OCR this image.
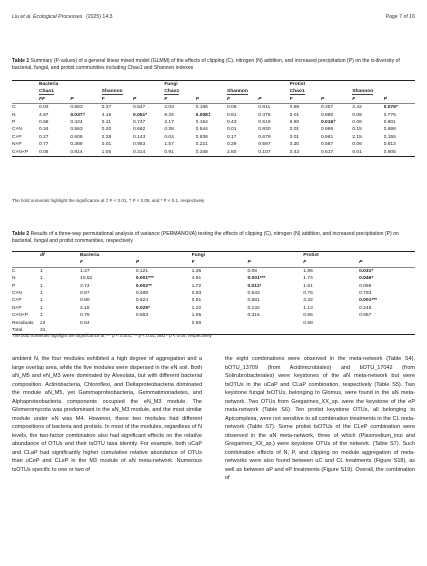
Liu et al. Ecological Processes (2025) 14:3	Page 7 of 16
Table 1 Summary (P-values) of a general linear mixed model (GLMM) of the effects of clipping (C), nitrogen (N) addition, and increased precipitation (P) on the α-diversity of bacterial, fungal, and protist communities including Chao1 and Shannon indexes
	Bacteria				Fungi				Protist			
	Chao1		Shannon		Chao1		Shannon		Chao1		Shannon	
	FF	P	F	P	F	P	F	P	F	P	F	P
C	0.03	0.863	0.37	0.547	2.03	0.166	0.06	0.811	0.88	0.357	3.42	0.076*
N	4.87	0.037†	4.18	0.051*	8.34	0.008‡	0.81	0.376	0.01	0.980	0.08	0.776
P	0.66	0.424	0.11	0.747	2.17	0.154	0.43	0.519	6.60	0.016†	0.06	0.801
C×N	0.34	0.563	0.20	0.662	0.38	0.544	0.01	0.930	0.01	0.986	0.15	0.698
C×P	0.27	0.608	2.28	0.143	0.04	0.836	0.17	0.679	0.01	0.961	2.15	0.155
N×P	0.77	0.389	0.01	0.953	1.57	0.221	0.29	0.597	0.30	0.587	0.06	0.813
C×N×P	0.06	0.814	1.05	0.314	0.91	0.348	2.80	0.107	0.43	0.517	0.01	0.905
The bold numerals highlight the significance at ‡ P < 0.01, † P < 0.05, and * P < 0.1, respectively
Table 2 Results of a three-way permutational analysis of variance (PERMANOVA) testing the effects of clipping (C), nitrogen (N) addition, and increased precipitation (P) on bacterial, fungal and protist communities, respectively
	df	Bacteria		Fungi		Protist	
		F	P	F	P	F	P
C	1	1.47	0.121	1.35	0.08	1.95	0.031*
N	1	10.52	0.001***	4.61	0.001***	1.74	0.046*
P	1	3.74	0.002**	1.72	0.011*	1.61	0.055
C×N	1	0.87	0.488	0.93	0.543	0.76	0.793
C×P	1	0.80	0.624	0.91	0.581	3.32	0.001***
N×P	1	2.16	0.025*	1.22	0.132	1.13	0.245
C×N×P	1	0.76	0.663	1.05	0.315	0.65	0.967
Residuals	24	0.54		0.66		0.68	
Total	31						
The bold numerals highlight the significance at *** p < 0.001, ** p < 0.01, and * p < 0.05, respectively
ambient N, the four modules exhibited a high degree of aggregation and a large overlap area, while the five modules were dispersed in the eN soil. Both aN_M5 and eN_M3 were dominated by Alveolata, but with different bacterial composition. Actinobacteria, Chloroflexi, and Deltaproteobacteria dominated the module aN_M5, yet Gammaproteobacteria, Gemmatimonadetes, and Alphaproteobacteria components occupied the eN_M3 module. The Glomeromycota was predominant in the aN_M3 module, and the most similar module under eN was M4. However, these two modules had different compositions of bacteria and protists. In most of the modules, regardless of N levels, the two-factor combination also had significant effects on the relative abundance of OTUs and their tsOTU taxa identity. For example, both uCaP and CLaP had significantly higher cumulative relative abundance of OTUs than uCeP and CLeP in the M3 module of aN meta-network. Numerous tsOTUs specific to one or two of
the eight combinations were observed in the meta-network (Table S4). bOTU_13709 (from Acidimicrobiales) and bOTU_17042 (from Solirubrobacterales) were keystones of the aN meta-network but were tsOTUs in the uCaP and CLaP combination, respectively (Table S5). Two keystone fungal tsOTUs, belonging to Glomus, were found in the aN meta-network. Two OTUs from Gregarines_XX_sp. were the keystone of the eP meta-network (Table S6). Ten protist keystone OTUs, all belonging to Apicomplexa, were not sensitive to all combination treatments in the CL meta-network (Table S7). Some protist tsOTUs of the CLeP combination were observed in the aN meta-network, three of which (Plasmodium_inui and Gregarines_XX_sp.) were keystone OTUs of the network. (Table S7). Such combination effects of N, P, and clipping on module aggregation of meta-networks were also found between uC and CL treatments (Figure S18), as well as between aP and eP treatments (Figure S19). Overall, the combination of
